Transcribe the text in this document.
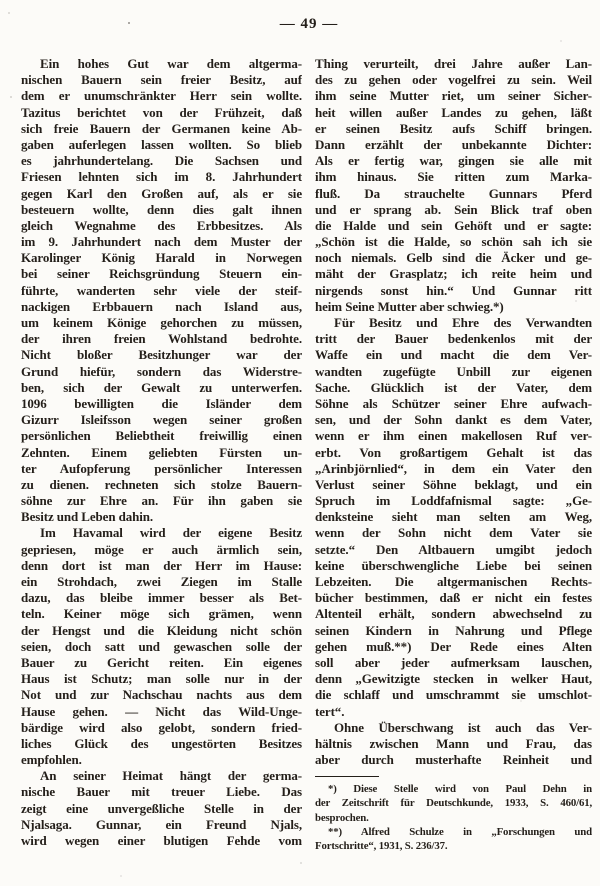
— 49 —
Ein hohes Gut war dem altgerma-
nischen Bauern sein freier Besitz, auf
dem er unumschränkter Herr sein wollte.
Tazitus berichtet von der Frühzeit, daß
sich freie Bauern der Germanen keine Ab-
gaben auferlegen lassen wollten. So blieb
es jahrhundertelang. Die Sachsen und
Friesen lehnten sich im 8. Jahrhundert
gegen Karl den Großen auf, als er sie
besteuern wollte, denn dies galt ihnen
gleich Wegnahme des Erbbesitzes. Als
im 9. Jahrhundert nach dem Muster der
Karolinger König Harald in Norwegen
bei seiner Reichsgründung Steuern ein-
führte, wanderten sehr viele der steif-
nackigen Erbbauern nach Island aus,
um keinem Könige gehorchen zu müssen,
der ihren freien Wohlstand bedrohte.
Nicht bloßer Besitzhunger war der
Grund hiefür, sondern das Widerstre-
ben, sich der Gewalt zu unterwerfen.
1096 bewilligten die Isländer dem
Gizurr Isleifsson wegen seiner großen
persönlichen Beliebtheit freiwillig einen
Zehnten. Einem geliebten Fürsten un-
ter Aufopferung persönlicher Interessen
zu dienen. rechneten sich stolze Bauern-
söhne zur Ehre an. Für ihn gaben sie
Besitz und Leben dahin.
Im Havamal wird der eigene Besitz
gepriesen, möge er auch ärmlich sein,
denn dort ist man der Herr im Hause:
ein Strohdach, zwei Ziegen im Stalle
dazu, das bleibe immer besser als Bet-
teln. Keiner möge sich grämen, wenn
der Hengst und die Kleidung nicht schön
seien, doch satt und gewaschen solle der
Bauer zu Gericht reiten. Ein eigenes
Haus ist Schutz; man solle nur in der
Not und zur Nachschau nachts aus dem
Hause gehen. — Nicht das Wild-Unge-
bärdige wird also gelobt, sondern fried-
liches Glück des ungestörten Besitzes
empfohlen.
An seiner Heimat hängt der germa-
nische Bauer mit treuer Liebe. Das
zeigt eine unvergeßliche Stelle in der
Njalsaga. Gunnar, ein Freund Njals,
wird wegen einer blutigen Fehde vom
Thing verurteilt, drei Jahre außer Lan-
des zu gehen oder vogelfrei zu sein. Weil
ihm seine Mutter riet, um seiner Sicher-
heit willen außer Landes zu gehen, läßt
er seinen Besitz aufs Schiff bringen.
Dann erzählt der unbekannte Dichter:
Als er fertig war, gingen sie alle mit
ihm hinaus. Sie ritten zum Marka-
fluß. Da strauchelte Gunnars Pferd
und er sprang ab. Sein Blick traf oben
die Halde und sein Gehöft und er sagte:
„Schön ist die Halde, so schön sah ich sie
noch niemals. Gelb sind die Äcker und ge-
mäht der Grasplatz; ich reite heim und
nirgends sonst hin.“ Und Gunnar ritt
heim Seine Mutter aber schwieg.*)
Für Besitz und Ehre des Verwandten
tritt der Bauer bedenkenlos mit der
Waffe ein und macht die dem Ver-
wandten zugefügte Unbill zur eigenen
Sache. Glücklich ist der Vater, dem
Söhne als Schützer seiner Ehre aufwach-
sen, und der Sohn dankt es dem Vater,
wenn er ihm einen makellosen Ruf ver-
erbt. Von großartigem Gehalt ist das
„Arinbjörnlied“, in dem ein Vater den
Verlust seiner Söhne beklagt, und ein
Spruch im Loddfafnismal sagte: „Ge-
denksteine sieht man selten am Weg,
wenn der Sohn nicht dem Vater sie
setzte.“ Den Altbauern umgibt jedoch
keine überschwengliche Liebe bei seinen
Lebzeiten. Die altgermanischen Rechts-
bücher bestimmen, daß er nicht ein festes
Altenteil erhält, sondern abwechselnd zu
seinen Kindern in Nahrung und Pflege
gehen muß.**) Der Rede eines Alten
soll aber jeder aufmerksam lauschen,
denn „Gewitzigte stecken in welker Haut,
die schlaff und umschrammt sie umschlot-
tert“.
Ohne Überschwang ist auch das Ver-
hältnis zwischen Mann und Frau, das
aber durch musterhafte Reinheit und
*) Diese Stelle wird von Paul Dehn in
der Zeitschrift für Deutschkunde, 1933, S. 460/61,
besprochen.
**) Alfred Schulze in „Forschungen und
Fortschritte“, 1931, S. 236/37.
